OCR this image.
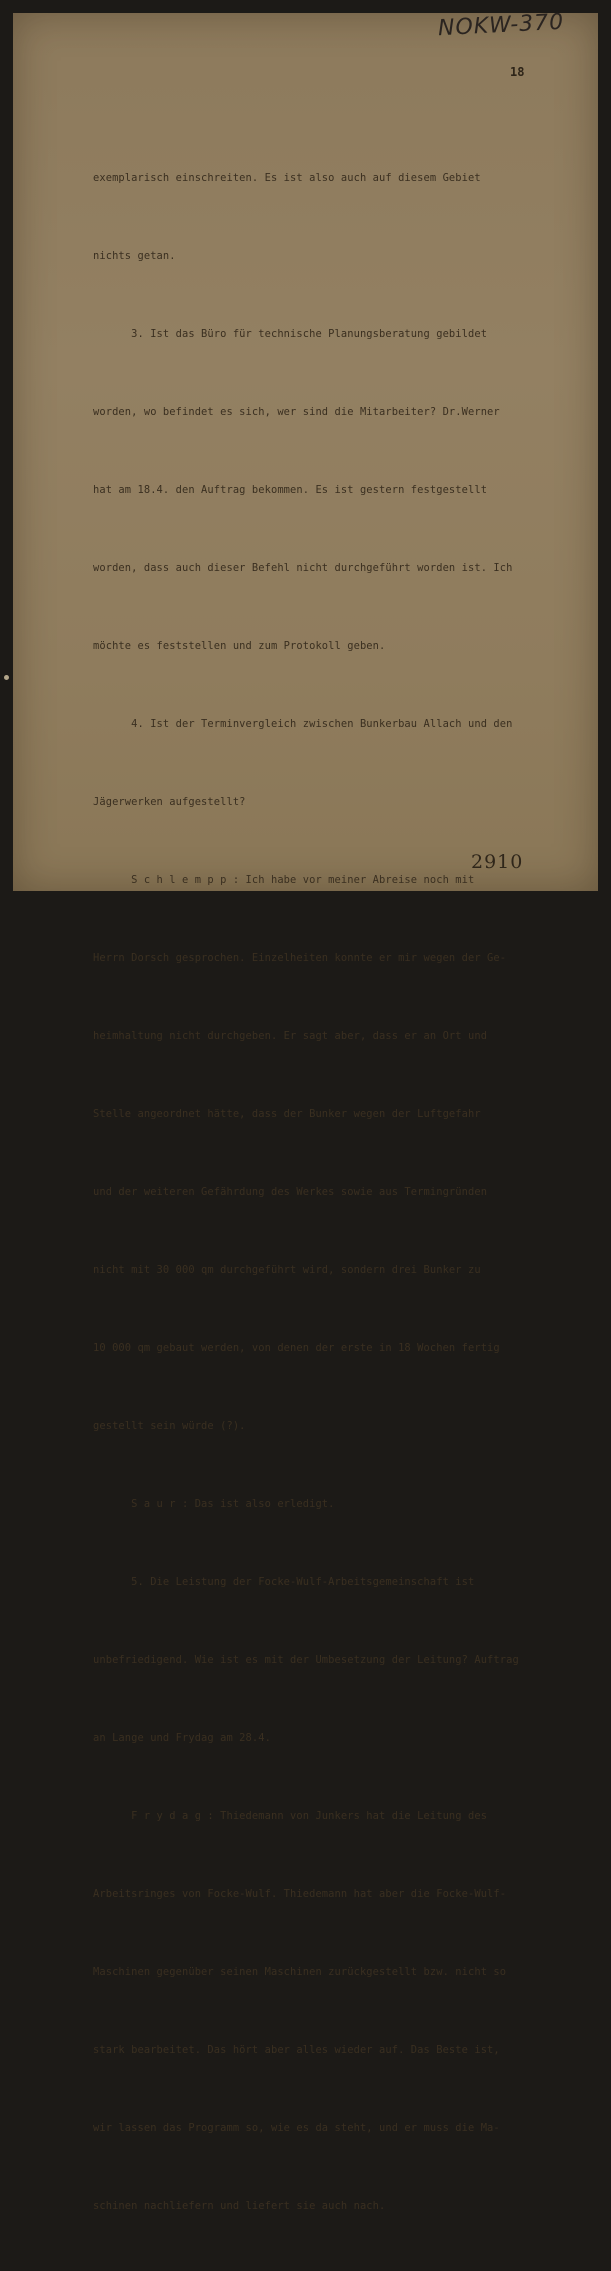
NOKW-370
18

exemplarisch einschreiten. Es ist also auch auf diesem Gebiet

nichts getan.

3. Ist das Büro für technische Planungsberatung gebildet

worden, wo befindet es sich, wer sind die Mitarbeiter? Dr.Werner

hat am 18.4. den Auftrag bekommen. Es ist gestern festgestellt

worden, dass auch dieser Befehl nicht durchgeführt worden ist. Ich

möchte es feststellen und zum Protokoll geben.

4. Ist der Terminvergleich zwischen Bunkerbau Allach und den

Jägerwerken aufgestellt?

S c h l e m p p : Ich habe vor meiner Abreise noch mit

Herrn Dorsch gesprochen. Einzelheiten konnte er mir wegen der Ge-

heimhaltung nicht durchgeben. Er sagt aber, dass er an Ort und

Stelle angeordnet hätte, dass der Bunker wegen der Luftgefahr

und der weiteren Gefährdung des Werkes sowie aus Termingründen

nicht mit 30 000 qm durchgeführt wird, sondern drei Bunker zu

10 000 qm gebaut werden, von denen der erste in 18 Wochen fertig

gestellt sein würde (?).

S a u r : Das ist also erledigt.

5. Die Leistung der Focke-Wulf-Arbeitsgemeinschaft ist

unbefriedigend. Wie ist es mit der Umbesetzung der Leitung? Auftrag

an Lange und Frydag am 28.4.

F r y d a g : Thiedemann von Junkers hat die Leitung des

Arbeitsringes von Focke-Wulf. Thiedemann hat aber die Focke-Wulf-

Maschinen gegenüber seinen Maschinen zurückgestellt bzw. nicht so

stark bearbeitet. Das hört aber alles wieder auf. Das Beste ist,

wir lassen das Programm so, wie es da steht, und er muss die Ma-

schinen nachliefern und liefert sie auch nach.

2910
